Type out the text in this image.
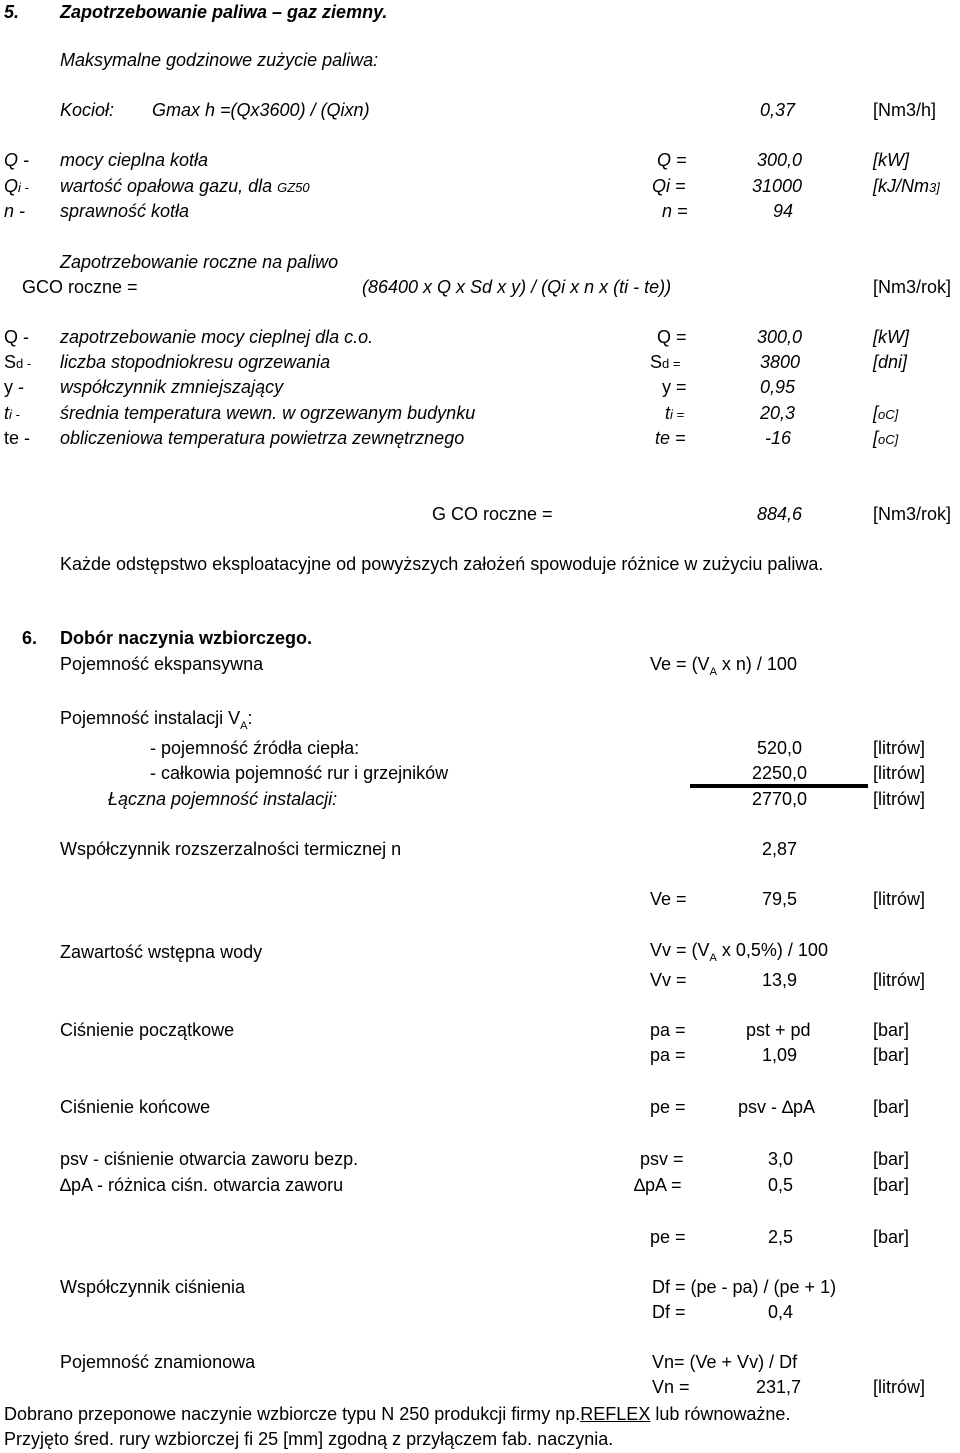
5. Zapotrzebowanie paliwa – gaz ziemny.
Maksymalne godzinowe zużycie paliwa:
Kocioł: Gmax h =(Qx3600) / (Qixn)	0,37	[Nm3/h]
Q - mocy cieplna kotła	Q =	300,0	[kW]
Qi - wartość opałowa gazu, dla GZ50	Qi =	31000	[kJ/Nm3]
n - sprawność kotła	n =	94
Zapotrzebowanie roczne na paliwo
GCO roczne =	(86400 x Q x Sd x y) / (Qi x n x (ti - te))	[Nm3/rok]
Q - zapotrzebowanie mocy cieplnej dla c.o.	Q =	300,0	[kW]
Sd - liczba stopodniokresu ogrzewania	Sd =	3800	[dni]
y - współczynnik zmniejszający	y =	0,95
ti - średnia temperatura wewn. w ogrzewanym budynku	ti =	20,3	[oC]
te - obliczeniowa temperatura powietrza zewnętrznego	te =	-16	[oC]
G CO roczne =	884,6	[Nm3/rok]
Każde odstępstwo eksploatacyjne od powyższych założeń spowoduje różnice w zużyciu paliwa.
6. Dobór naczynia wzbiorczego.
Pojemność ekspansywna	$Ve = (V_A$ x n) / 100
Pojemność instalacji $V_A$:
- pojemność źródła ciepła:	520,0	[litrów]
- całkowia pojemność rur i grzejników	2250,0	[litrów]
Łączna pojemność instalacji:	2770,0	[litrów]
Współczynnik rozszerzalności termicznej n	2,87
Ve =	79,5	[litrów]
Zawartość wstępna wody	$Vv = (V_A$ x 0,5%) / 100
Vv =	13,9	[litrów]
Ciśnienie początkowe	pa =	pst + pd	[bar]
pa =	1,09	[bar]
Ciśnienie końcowe	pe =	psv - ∆pA	[bar]
psv - ciśnienie otwarcia zaworu bezp.	psv =	3,0	[bar]
∆pA - różnica ciśn. otwarcia zaworu	∆pA =	0,5	[bar]
pe =	2,5	[bar]
Współczynnik ciśnienia	Df = (pe - pa) / (pe + 1)
Df =	0,4
Pojemność znamionowa	Vn= (Ve + Vv) / Df
Vn =	231,7	[litrów]
Dobrano przeponowe naczynie wzbiorcze typu N 250 produkcji firmy np.REFLEX lub równoważne.
Przyjęto śred. rury wzbiorczej fi 25 [mm] zgodną z przyłączem fab. naczynia.
